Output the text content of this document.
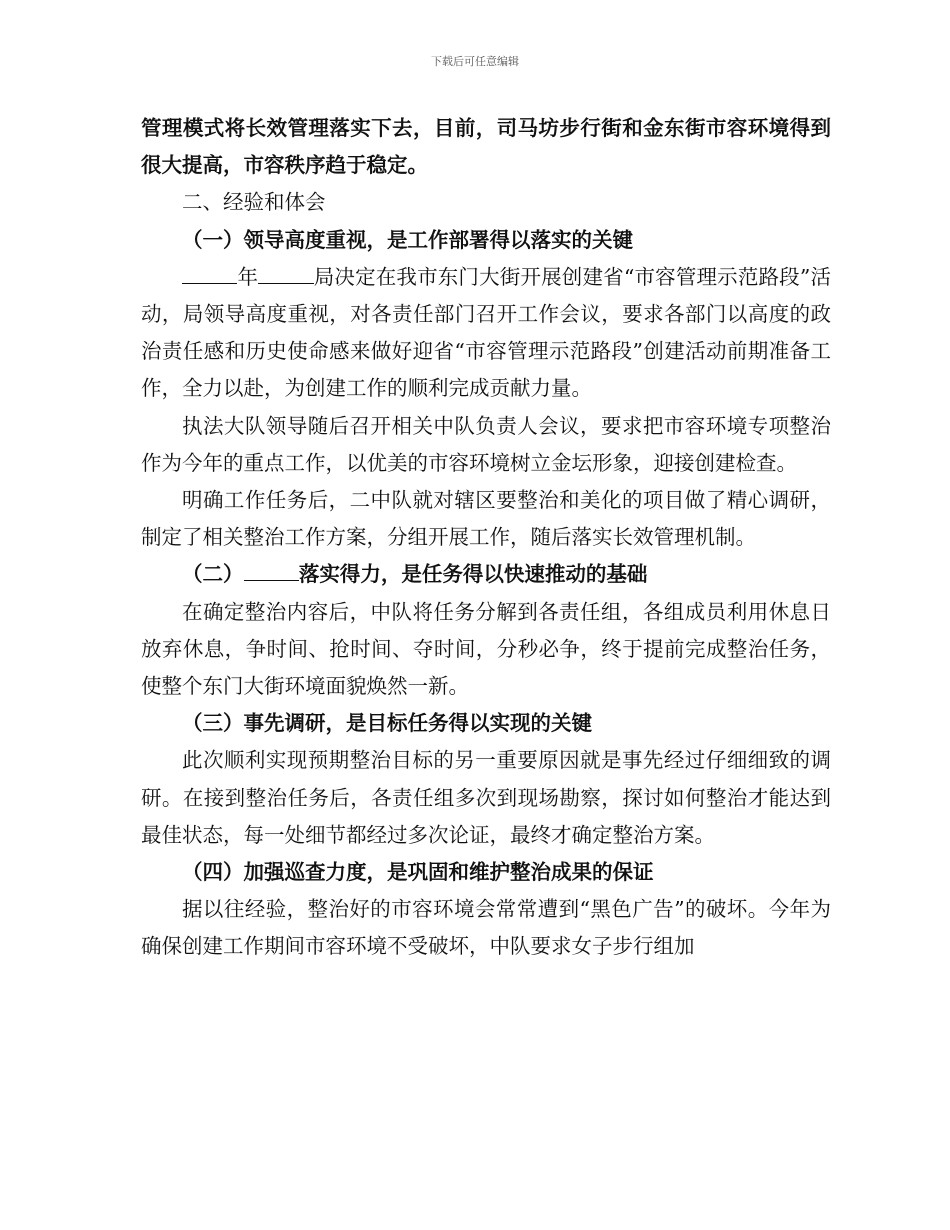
下载后可任意编辑

管理模式将长效管理落实下去，目前，司马坊步行街和金东街市容环境得到很大提高，市容秩序趋于稳定。

二、经验和体会

（一）领导高度重视，是工作部署得以落实的关键

年	局决定在我市东门大街开展创建省“市容管理示范路段”活动，局领导高度重视，对各责任部门召开工作会议，要求各部门以高度的政治责任感和历史使命感来做好迎省“市容管理示范路段”创建活动前期准备工作，全力以赴，为创建工作的顺利完成贡献力量。

执法大队领导随后召开相关中队负责人会议，要求把市容环境专项整治作为今年的重点工作，以优美的市容环境树立金坛形象，迎接创建检查。

明确工作任务后，二中队就对辖区要整治和美化的项目做了精心调研，制定了相关整治工作方案，分组开展工作，随后落实长效管理机制。

（二）	落实得力，是任务得以快速推动的基础

在确定整治内容后，中队将任务分解到各责任组，各组成员利用休息日放弃休息，争时间、抢时间、夺时间，分秒必争，终于提前完成整治任务，使整个东门大街环境面貌焕然一新。

（三）事先调研，是目标任务得以实现的关键

此次顺利实现预期整治目标的另一重要原因就是事先经过仔细细致的调研。在接到整治任务后，各责任组多次到现场勘察，探讨如何整治才能达到最佳状态，每一处细节都经过多次论证，最终才确定整治方案。

（四）加强巡查力度，是巩固和维护整治成果的保证

据以往经验，整治好的市容环境会常常遭到“黑色广告”的破坏。今年为确保创建工作期间市容环境不受破坏，中队要求女子步行组加
